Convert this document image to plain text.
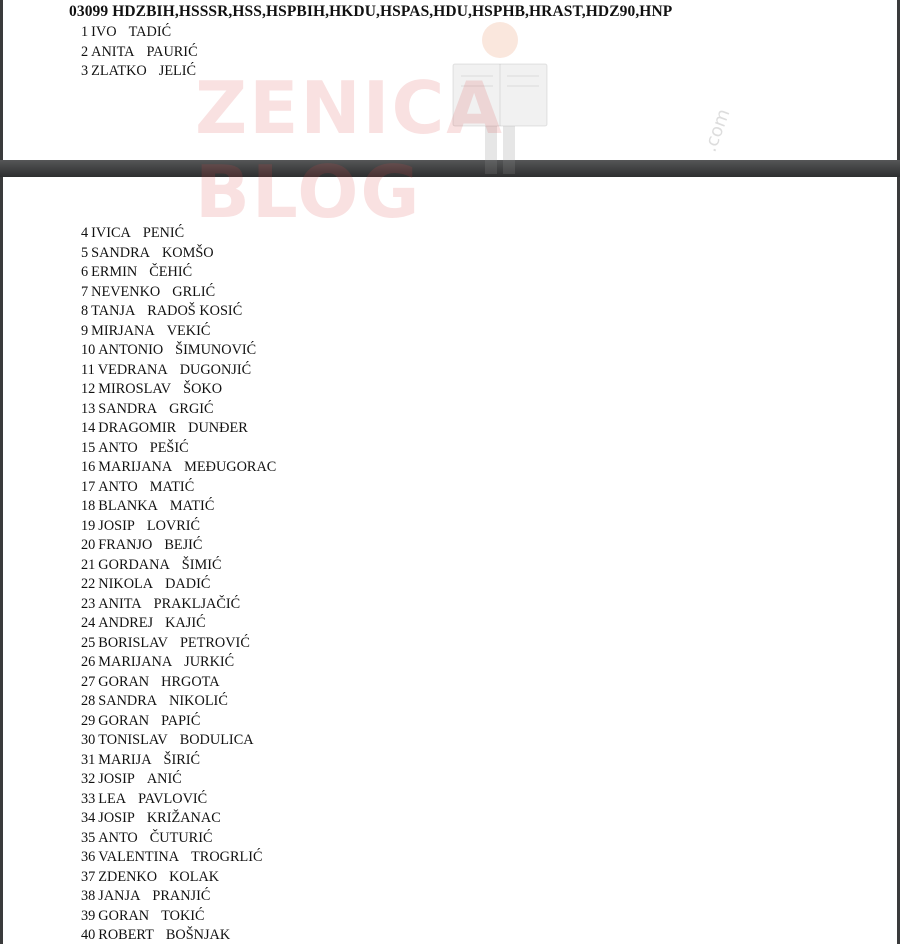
03099 HDZBIH,HSSSR,HSS,HSPBIH,HKDU,HSPAS,HDU,HSPHB,HRAST,HDZ90,HNP
1 IVO TADIĆ
2 ANITA PAURIĆ
3 ZLATKO JELIĆ
4 IVICA PENIĆ
5 SANDRA KOMŠO
6 ERMIN ČEHIĆ
7 NEVENKO GRLIĆ
8 TANJA RADOŠ KOSIĆ
9 MIRJANA VEKIĆ
10 ANTONIO ŠIMUNOVIĆ
11 VEDRANA DUGONJIĆ
12 MIROSLAV ŠOKO
13 SANDRA GRGIĆ
14 DRAGOMIR DUNĐER
15 ANTO PEŠIĆ
16 MARIJANA MEĐUGORAC
17 ANTO MATIĆ
18 BLANKA MATIĆ
19 JOSIP LOVRIĆ
20 FRANJO BEJIĆ
21 GORDANA ŠIMIĆ
22 NIKOLA DADIĆ
23 ANITA PRAKLJAČIĆ
24 ANDREJ KAJIĆ
25 BORISLAV PETROVIĆ
26 MARIJANA JURKIĆ
27 GORAN HRGOTA
28 SANDRA NIKOLIĆ
29 GORAN PAPIĆ
30 TONISLAV BODULICA
31 MARIJA ŠIRIĆ
32 JOSIP ANIĆ
33 LEA PAVLOVIĆ
34 JOSIP KRIŽANAC
35 ANTO ČUTURIĆ
36 VALENTINA TROGRLIĆ
37 ZDENKO KOLAK
38 JANJA PRANJIĆ
39 GORAN TOKIĆ
40 ROBERT BOŠNJAK
.com
